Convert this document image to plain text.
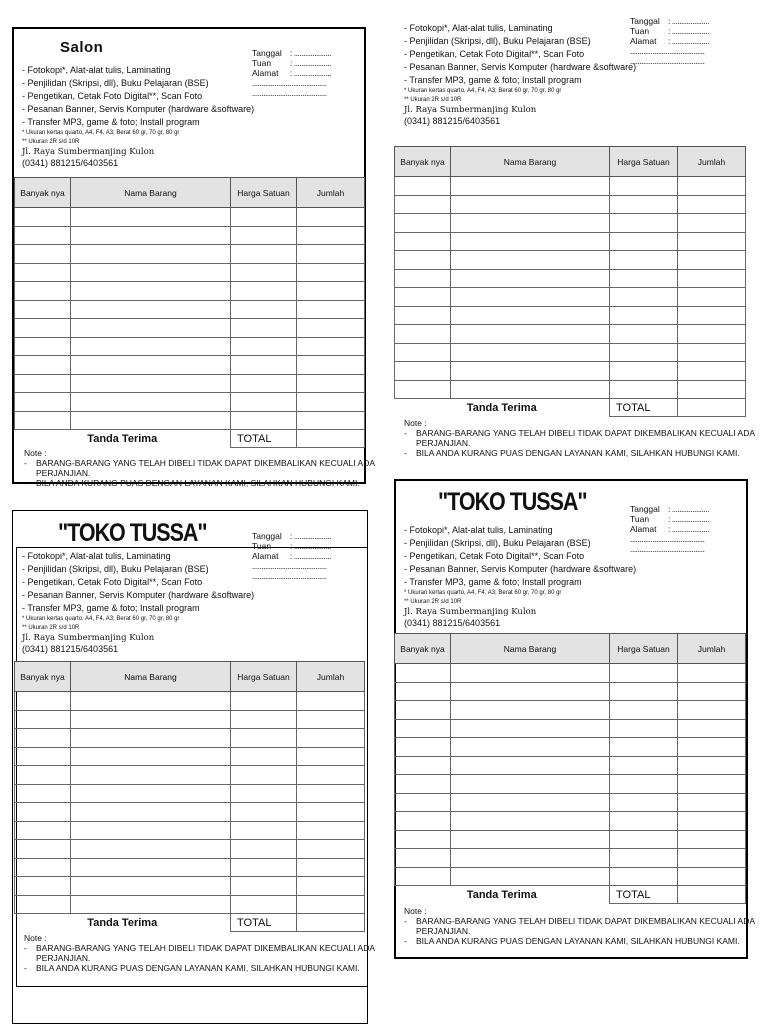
Salon	Tanggal : ....................
Tuan	: ....................
Alamat	: ....................
........................................
........................................
- Fotokopi*, Alat-alat tulis, Laminating
- Penjilidan (Skripsi, dll), Buku Pelajaran (BSE)
- Pengetikan, Cetak Foto Digital**, Scan Foto
- Pesanan Banner, Servis Komputer (hardware &software)
- Transfer MP3, game & foto; Install program
* Ukuran kertas quarto, A4, F4, A3; Berat 60 gr, 70 gr, 80 gr
** Ukuran 2R s/d 10R
Jl. Raya Sumbermanjing Kulon
(0341) 881215/6403561
Banyak nya	Nama Barang	Harga Satuan	Jumlah

Tanda Terima		TOTAL	
Note :
-	BARANG-BARANG YANG TELAH DIBELI TIDAK DAPAT DIKEMBALIKAN KECUALI ADA PERJANJIAN.
-	BILA ANDA KURANG PUAS DENGAN LAYANAN KAMI, SILAHKAN HUBUNGI KAMI.
Tanggal : ....................
Tuan	: ....................
Alamat	: ....................
........................................
........................................
- Fotokopi*, Alat-alat tulis, Laminating
- Penjilidan (Skripsi, dll), Buku Pelajaran (BSE)
- Pengetikan, Cetak Foto Digital**, Scan Foto
- Pesanan Banner, Servis Komputer (hardware &software)
- Transfer MP3, game & foto; Install program
* Ukuran kertas quarto, A4, F4, A3; Berat 60 gr, 70 gr, 80 gr
** Ukuran 2R s/d 10R
Jl. Raya Sumbermanjing Kulon
(0341) 881215/6403561
Banyak nya	Nama Barang	Harga Satuan	Jumlah

Tanda Terima		TOTAL	
Note :
-	BARANG-BARANG YANG TELAH DIBELI TIDAK DAPAT DIKEMBALIKAN KECUALI ADA PERJANJIAN.
-	BILA ANDA KURANG PUAS DENGAN LAYANAN KAMI, SILAHKAN HUBUNGI KAMI.
"TOKO TUSSA"	Tanggal : ....................
Tuan	: ....................
Alamat	: ....................
........................................
........................................
- Fotokopi*, Alat-alat tulis, Laminating
- Penjilidan (Skripsi, dll), Buku Pelajaran (BSE)
- Pengetikan, Cetak Foto Digital**, Scan Foto
- Pesanan Banner, Servis Komputer (hardware &software)
- Transfer MP3, game & foto; Install program
* Ukuran kertas quarto, A4, F4, A3; Berat 60 gr, 70 gr, 80 gr
** Ukuran 2R s/d 10R
Jl. Raya Sumbermanjing Kulon
(0341) 881215/6403561
Banyak nya	Nama Barang	Harga Satuan	Jumlah

Tanda Terima		TOTAL	
Note :
-	BARANG-BARANG YANG TELAH DIBELI TIDAK DAPAT DIKEMBALIKAN KECUALI ADA PERJANJIAN.
-	BILA ANDA KURANG PUAS DENGAN LAYANAN KAMI, SILAHKAN HUBUNGI KAMI.
"TOKO TUSSA"	Tanggal : ....................
Tuan	: ....................
Alamat	: ....................
........................................
........................................
- Fotokopi*, Alat-alat tulis, Laminating
- Penjilidan (Skripsi, dll), Buku Pelajaran (BSE)
- Pengetikan, Cetak Foto Digital**, Scan Foto
- Pesanan Banner, Servis Komputer (hardware &software)
- Transfer MP3, game & foto; Install program
* Ukuran kertas quarto, A4, F4, A3; Berat 60 gr, 70 gr, 80 gr
** Ukuran 2R s/d 10R
Jl. Raya Sumbermanjing Kulon
(0341) 881215/6403561
Banyak nya	Nama Barang	Harga Satuan	Jumlah

Tanda Terima		TOTAL	
Note :
-	BARANG-BARANG YANG TELAH DIBELI TIDAK DAPAT DIKEMBALIKAN KECUALI ADA PERJANJIAN.
-	BILA ANDA KURANG PUAS DENGAN LAYANAN KAMI, SILAHKAN HUBUNGI KAMI.
